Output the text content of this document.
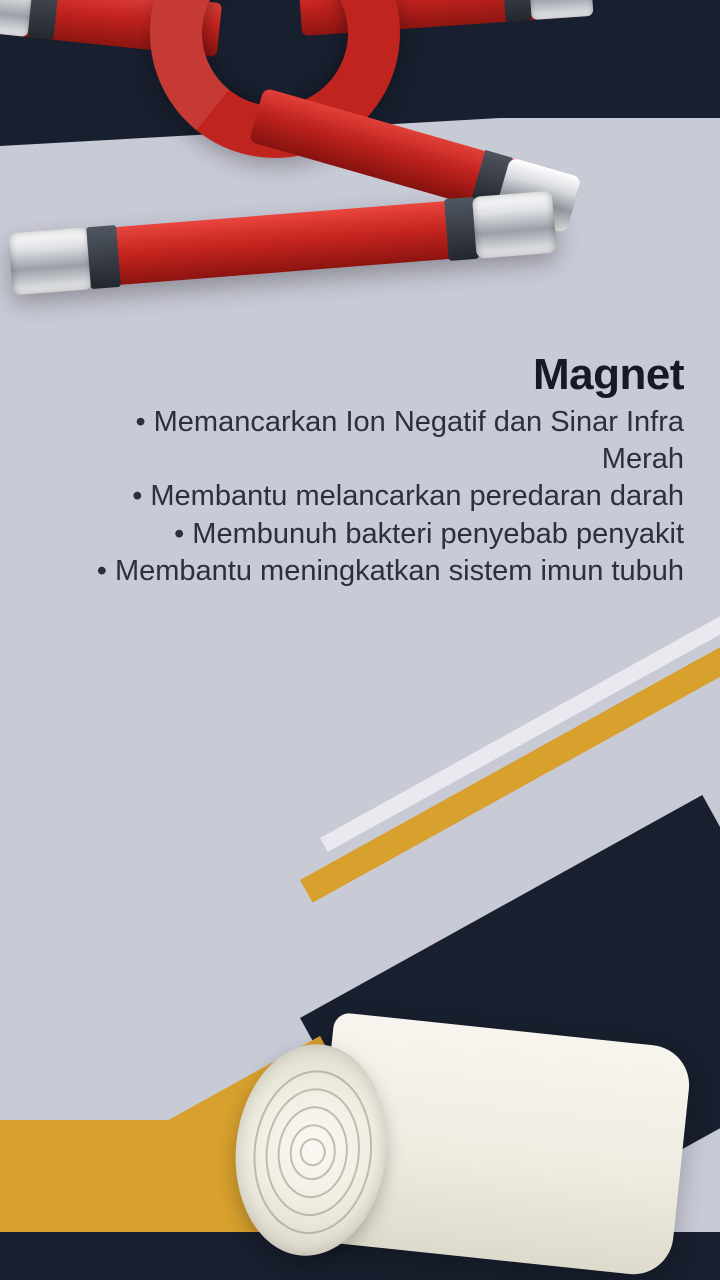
Magnet
• Memancarkan Ion Negatif dan Sinar Infra Merah
• Membantu melancarkan peredaran darah
• Membunuh bakteri penyebab penyakit
• Membantu meningkatkan sistem imun tubuh
